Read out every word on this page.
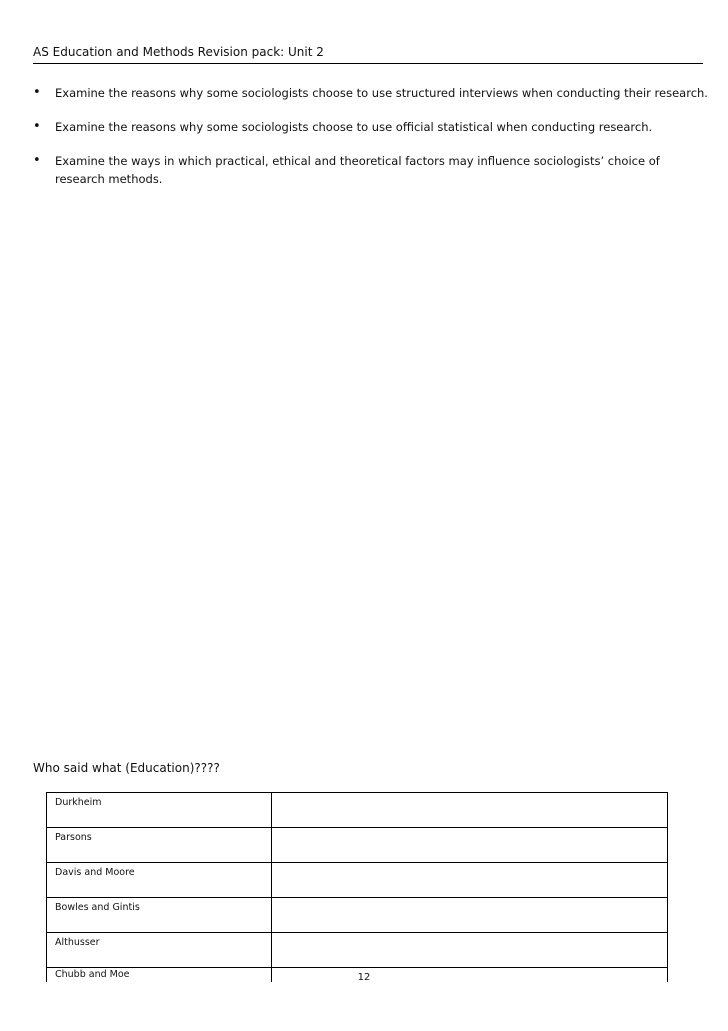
AS Education and Methods Revision pack: Unit 2
• Examine the reasons why some sociologists choose to use structured interviews when conducting their research.
• Examine the reasons why some sociologists choose to use official statistical when conducting research.
• Examine the ways in which practical, ethical and theoretical factors may influence sociologists’ choice of research methods.
Who said what (Education)????
Durkheim	
Parsons	
Davis and Moore	
Bowles and Gintis	
Althusser	
Chubb and Moe		12
